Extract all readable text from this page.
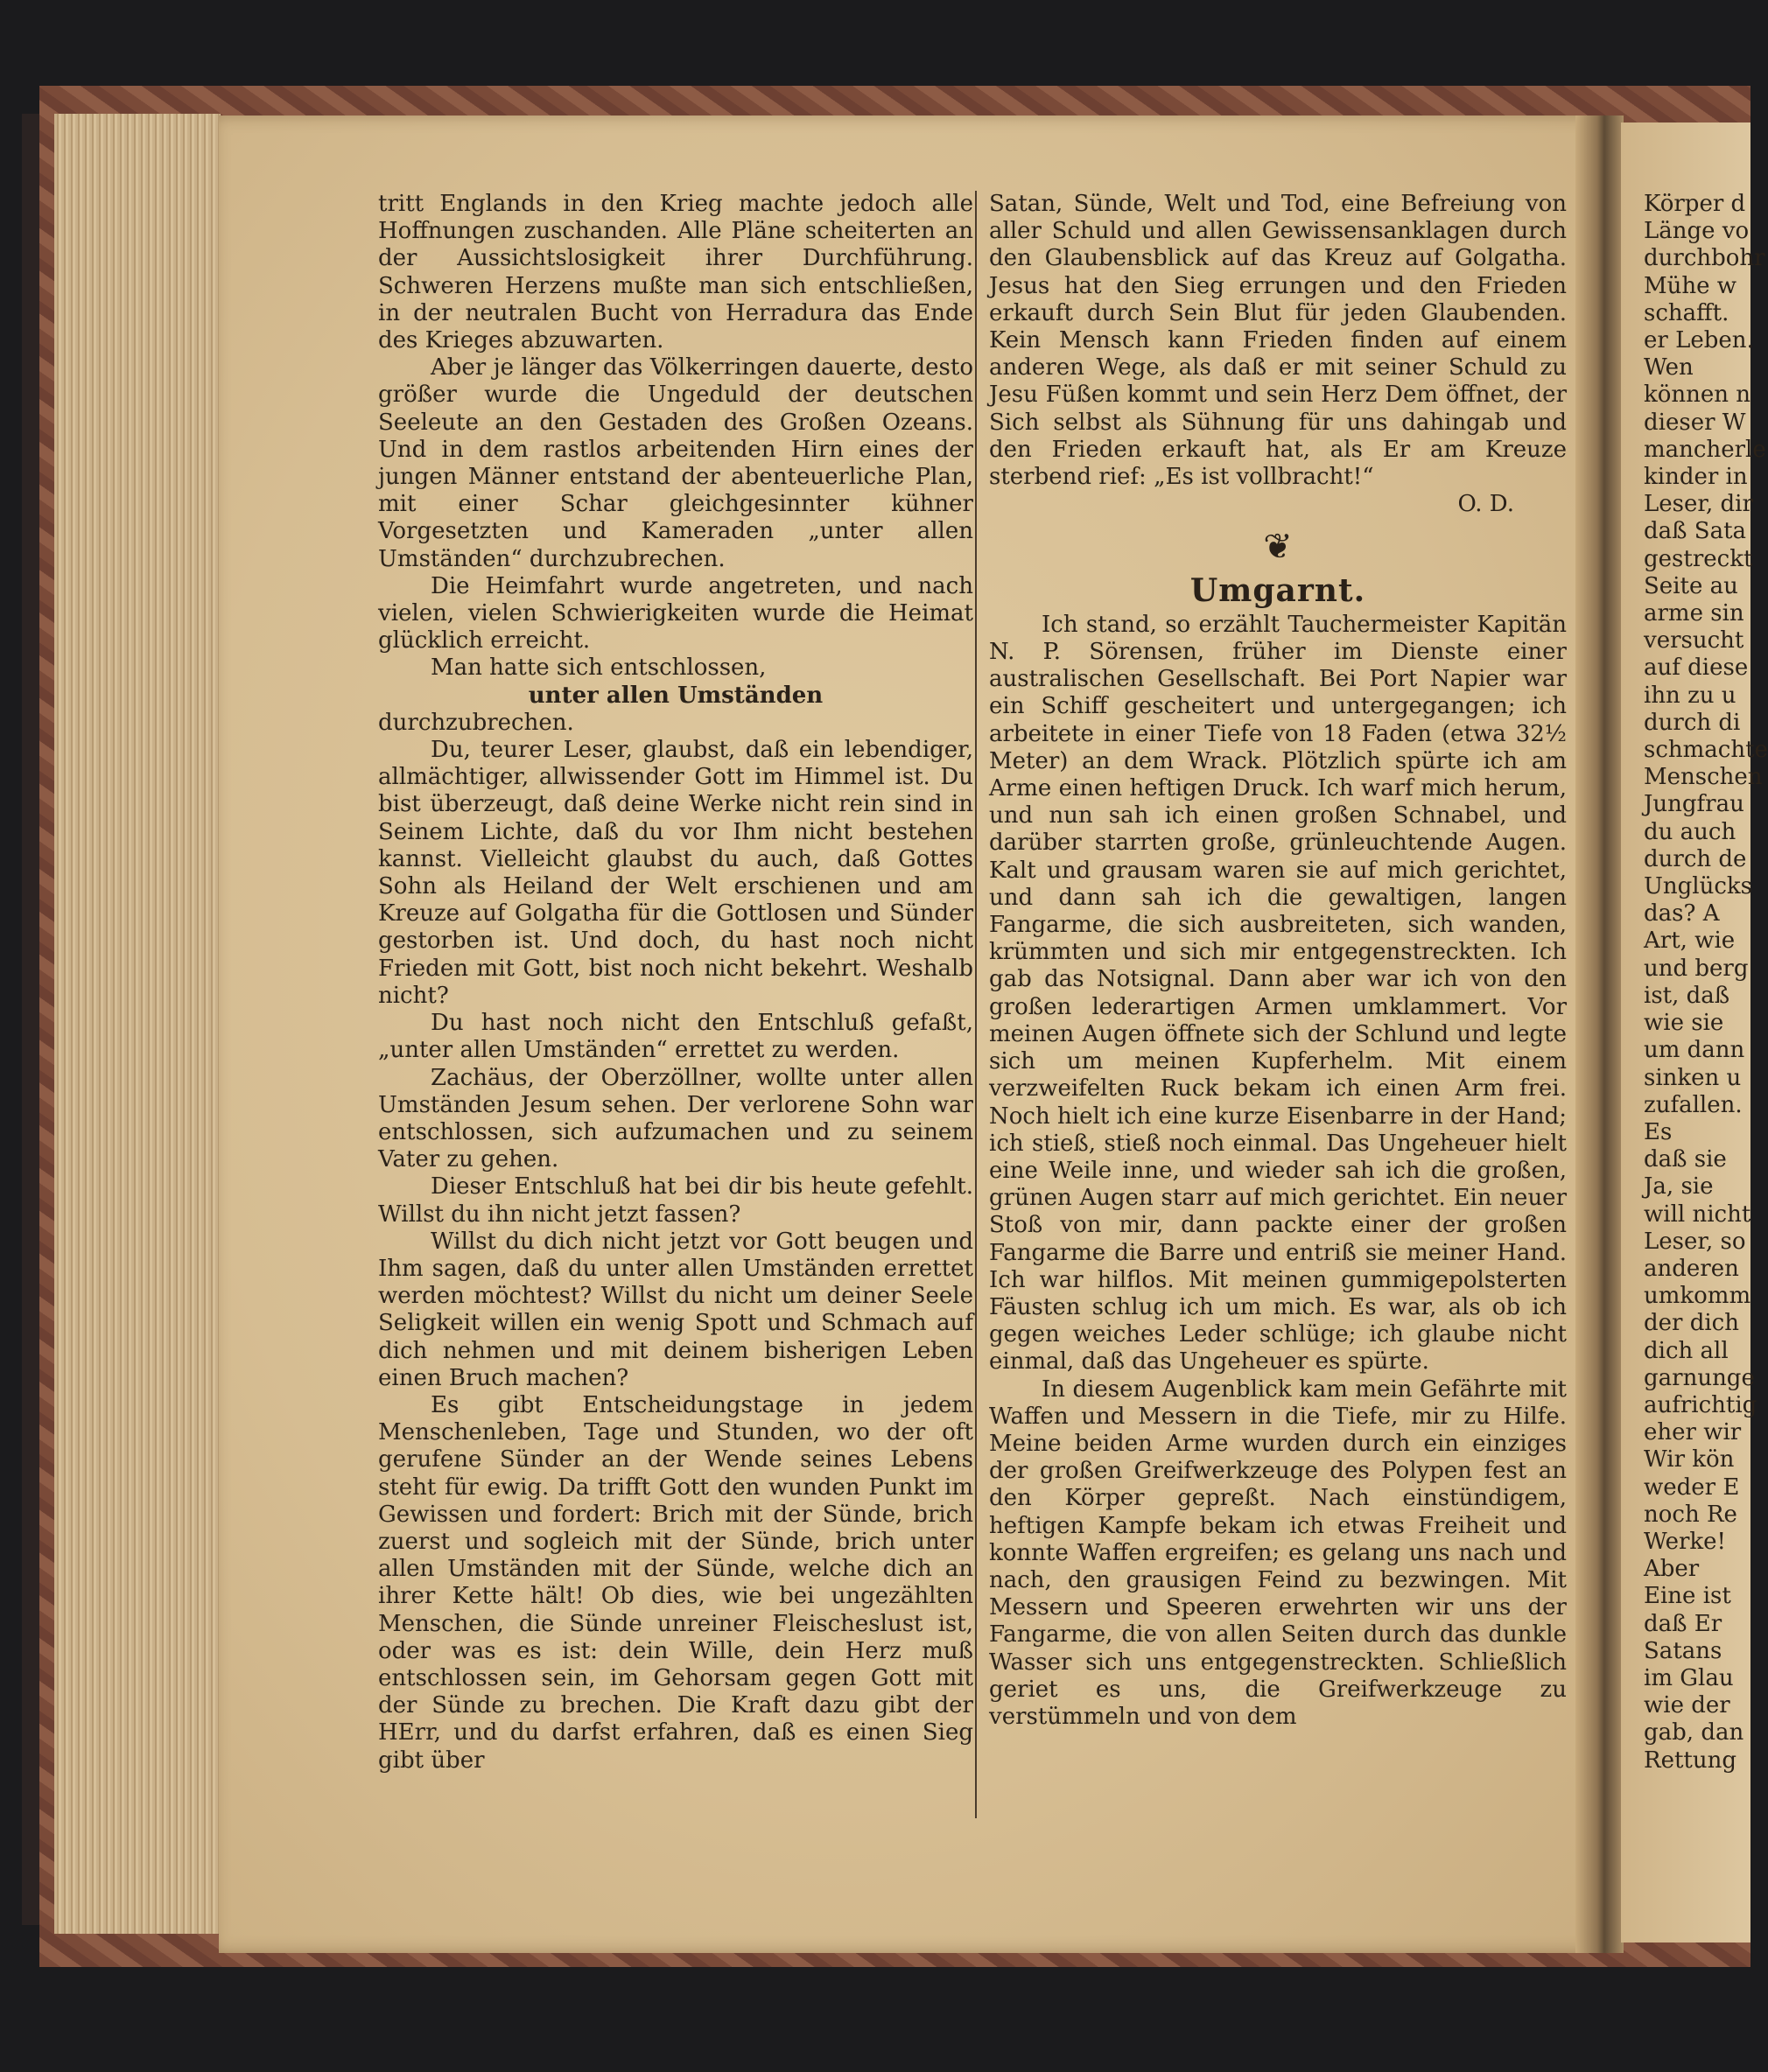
tritt Englands in den Krieg machte jedoch alle Hoffnungen zuschanden. Alle Pläne scheiterten an der Aussichtslosigkeit ihrer Durchführung. Schweren Herzens mußte man sich entschließen, in der neutralen Bucht von Herradura das Ende des Krieges abzuwarten.

Aber je länger das Völkerringen dauerte, desto größer wurde die Ungeduld der deutschen Seeleute an den Gestaden des Großen Ozeans. Und in dem rastlos arbeitenden Hirn eines der jungen Männer entstand der abenteuerliche Plan, mit einer Schar gleichgesinnter kühner Vorgesetzten und Kameraden „unter allen Umständen“ durchzubrechen.

Die Heimfahrt wurde angetreten, und nach vielen, vielen Schwierigkeiten wurde die Heimat glücklich erreicht.

Man hatte sich entschlossen,

unter allen Umständen

durchzubrechen.

Du, teurer Leser, glaubst, daß ein lebendiger, allmächtiger, allwissender Gott im Himmel ist. Du bist überzeugt, daß deine Werke nicht rein sind in Seinem Lichte, daß du vor Ihm nicht bestehen kannst. Vielleicht glaubst du auch, daß Gottes Sohn als Heiland der Welt erschienen und am Kreuze auf Golgatha für die Gottlosen und Sünder gestorben ist. Und doch, du hast noch nicht Frieden mit Gott, bist noch nicht bekehrt. Weshalb nicht?

Du hast noch nicht den Entschluß gefaßt, „unter allen Umständen“ errettet zu werden.

Zachäus, der Oberzöllner, wollte unter allen Umständen Jesum sehen. Der verlorene Sohn war entschlossen, sich aufzumachen und zu seinem Vater zu gehen.

Dieser Entschluß hat bei dir bis heute gefehlt. Willst du ihn nicht jetzt fassen?

Willst du dich nicht jetzt vor Gott beugen und Ihm sagen, daß du unter allen Umständen errettet werden möchtest? Willst du nicht um deiner Seele Seligkeit willen ein wenig Spott und Schmach auf dich nehmen und mit deinem bisherigen Leben einen Bruch machen?

Es gibt Entscheidungstage in jedem Menschenleben, Tage und Stunden, wo der oft gerufene Sünder an der Wende seines Lebens steht für ewig. Da trifft Gott den wunden Punkt im Gewissen und fordert: Brich mit der Sünde, brich zuerst und sogleich mit der Sünde, brich unter allen Umständen mit der Sünde, welche dich an ihrer Kette hält! Ob dies, wie bei ungezählten Menschen, die Sünde unreiner Fleischeslust ist, oder was es ist: dein Wille, dein Herz muß entschlossen sein, im Gehorsam gegen Gott mit der Sünde zu brechen. Die Kraft dazu gibt der HErr, und du darfst erfahren, daß es einen Sieg gibt über

Satan, Sünde, Welt und Tod, eine Befreiung von aller Schuld und allen Gewissensanklagen durch den Glaubensblick auf das Kreuz auf Golgatha. Jesus hat den Sieg errungen und den Frieden erkauft durch Sein Blut für jeden Glaubenden. Kein Mensch kann Frieden finden auf einem anderen Wege, als daß er mit seiner Schuld zu Jesu Füßen kommt und sein Herz Dem öffnet, der Sich selbst als Sühnung für uns dahingab und den Frieden erkauft hat, als Er am Kreuze sterbend rief: „Es ist vollbracht!“

O. D.

❦
Umgarnt.

Ich stand, so erzählt Tauchermeister Kapitän N. P. Sörensen, früher im Dienste einer australischen Gesellschaft. Bei Port Napier war ein Schiff gescheitert und untergegangen; ich arbeitete in einer Tiefe von 18 Faden (etwa 32½ Meter) an dem Wrack. Plötzlich spürte ich am Arme einen heftigen Druck. Ich warf mich herum, und nun sah ich einen großen Schnabel, und darüber starrten große, grünleuchtende Augen. Kalt und grausam waren sie auf mich gerichtet, und dann sah ich die gewaltigen, langen Fangarme, die sich ausbreiteten, sich wanden, krümmten und sich mir entgegenstreckten. Ich gab das Notsignal. Dann aber war ich von den großen lederartigen Armen umklammert. Vor meinen Augen öffnete sich der Schlund und legte sich um meinen Kupferhelm. Mit einem verzweifelten Ruck bekam ich einen Arm frei. Noch hielt ich eine kurze Eisenbarre in der Hand; ich stieß, stieß noch einmal. Das Ungeheuer hielt eine Weile inne, und wieder sah ich die großen, grünen Augen starr auf mich gerichtet. Ein neuer Stoß von mir, dann packte einer der großen Fangarme die Barre und entriß sie meiner Hand. Ich war hilflos. Mit meinen gummigepolsterten Fäusten schlug ich um mich. Es war, als ob ich gegen weiches Leder schlüge; ich glaube nicht einmal, daß das Ungeheuer es spürte.

In diesem Augenblick kam mein Gefährte mit Waffen und Messern in die Tiefe, mir zu Hilfe. Meine beiden Arme wurden durch ein einziges der großen Greifwerkzeuge des Polypen fest an den Körper gepreßt. Nach einstündigem, heftigen Kampfe bekam ich etwas Freiheit und konnte Waffen ergreifen; es gelang uns nach und nach, den grausigen Feind zu bezwingen. Mit Messern und Speeren erwehrten wir uns der Fangarme, die von allen Seiten durch das dunkle Wasser sich uns entgegenstreckten. Schließlich geriet es uns, die Greifwerkzeuge zu verstümmeln und von dem

Körper d
Länge vo
durchbohr
Mühe w
schafft.
er Leben.
Wen
können n
dieser W
mancherle
kinder in
Leser, dir
daß Sata
gestreckt
Seite au
arme sin
versucht
auf diese
ihn zu u
durch di
schmachte
Menschen
Jungfrau
du auch
durch de
Unglücks
das? A
Art, wie
und berg
ist, daß
wie sie
um dann
sinken u
zufallen.
Es
daß sie
Ja, sie
will nicht
Leser, so
anderen
umkomm
der dich
dich all
garnunge
aufrichtig
eher wir
Wir kön
weder E
noch Re
Werke!
Aber
Eine ist
daß Er
Satans
im Glau
wie der
gab, dan
Rettung
